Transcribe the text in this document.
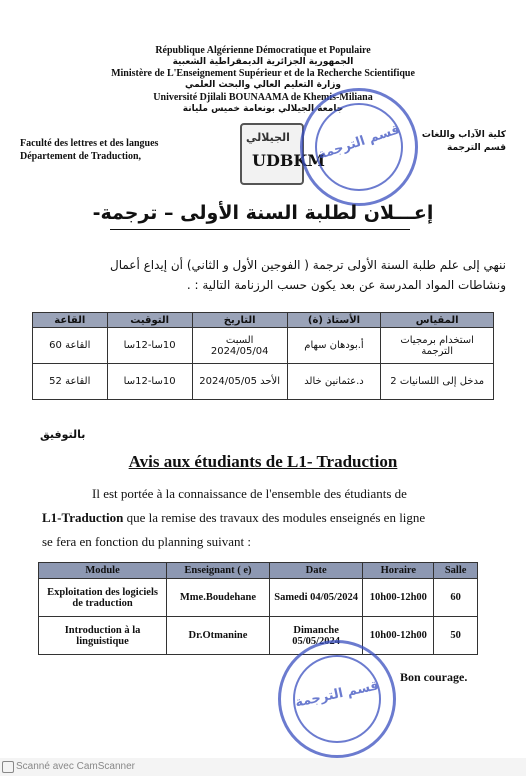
République Algérienne Démocratique et Populaire
الجمهورية الجزائرية الديمقراطية الشعبية
Ministère de L'Enseignement Supérieur et de la Recherche Scientifique
وزارة التعليم العالي والبحث العلمي
Université Djilali BOUNAAMA de Khemis-Miliana
جامعة الجيلالي بونعامة خميس مليانة
Faculté des lettres et des langues
Département de Traduction,
كلية الآداب واللغات
قسم الترجمة
الجيلالي
UDBKM
قسم الترجمة
إعـــلان لطلبة السنة الأولى – ترجمة-
ننهي إلى علم طلبة السنة الأولى ترجمة ( الفوجين الأول و الثاني) أن إيداع أعمال
ونشاطات المواد المدرسة عن بعد يكون حسب الرزنامة التالية : .
المقياس	الأستاذ (ة)	التاريخ	التوقيت	القاعة
استخدام برمجيات الترجمة	أ.بودهان سهام	السبت 2024/05/04	10سا-12سا	القاعة 60
مدخل إلى اللسانيات 2	د.عثمانين خالد	الأحد 2024/05/05	10سا-12سا	القاعة 52
بالتوفيق
Avis aux étudiants de L1- Traduction
Il est portée à la connaissance de l'ensemble des étudiants de
L1-Traduction que la remise des travaux des modules enseignés en ligne
se fera en fonction du planning suivant :
Module	Enseignant ( e)	Date	Horaire	Salle
Exploitation des logiciels de traduction	Mme.Boudehane	Samedi 04/05/2024	10h00-12h00	60
Introduction à la linguistique	Dr.Otmanine	Dimanche 05/05/2024	10h00-12h00	50
قسم الترجمة
Bon courage.
Scanné avec CamScanner
